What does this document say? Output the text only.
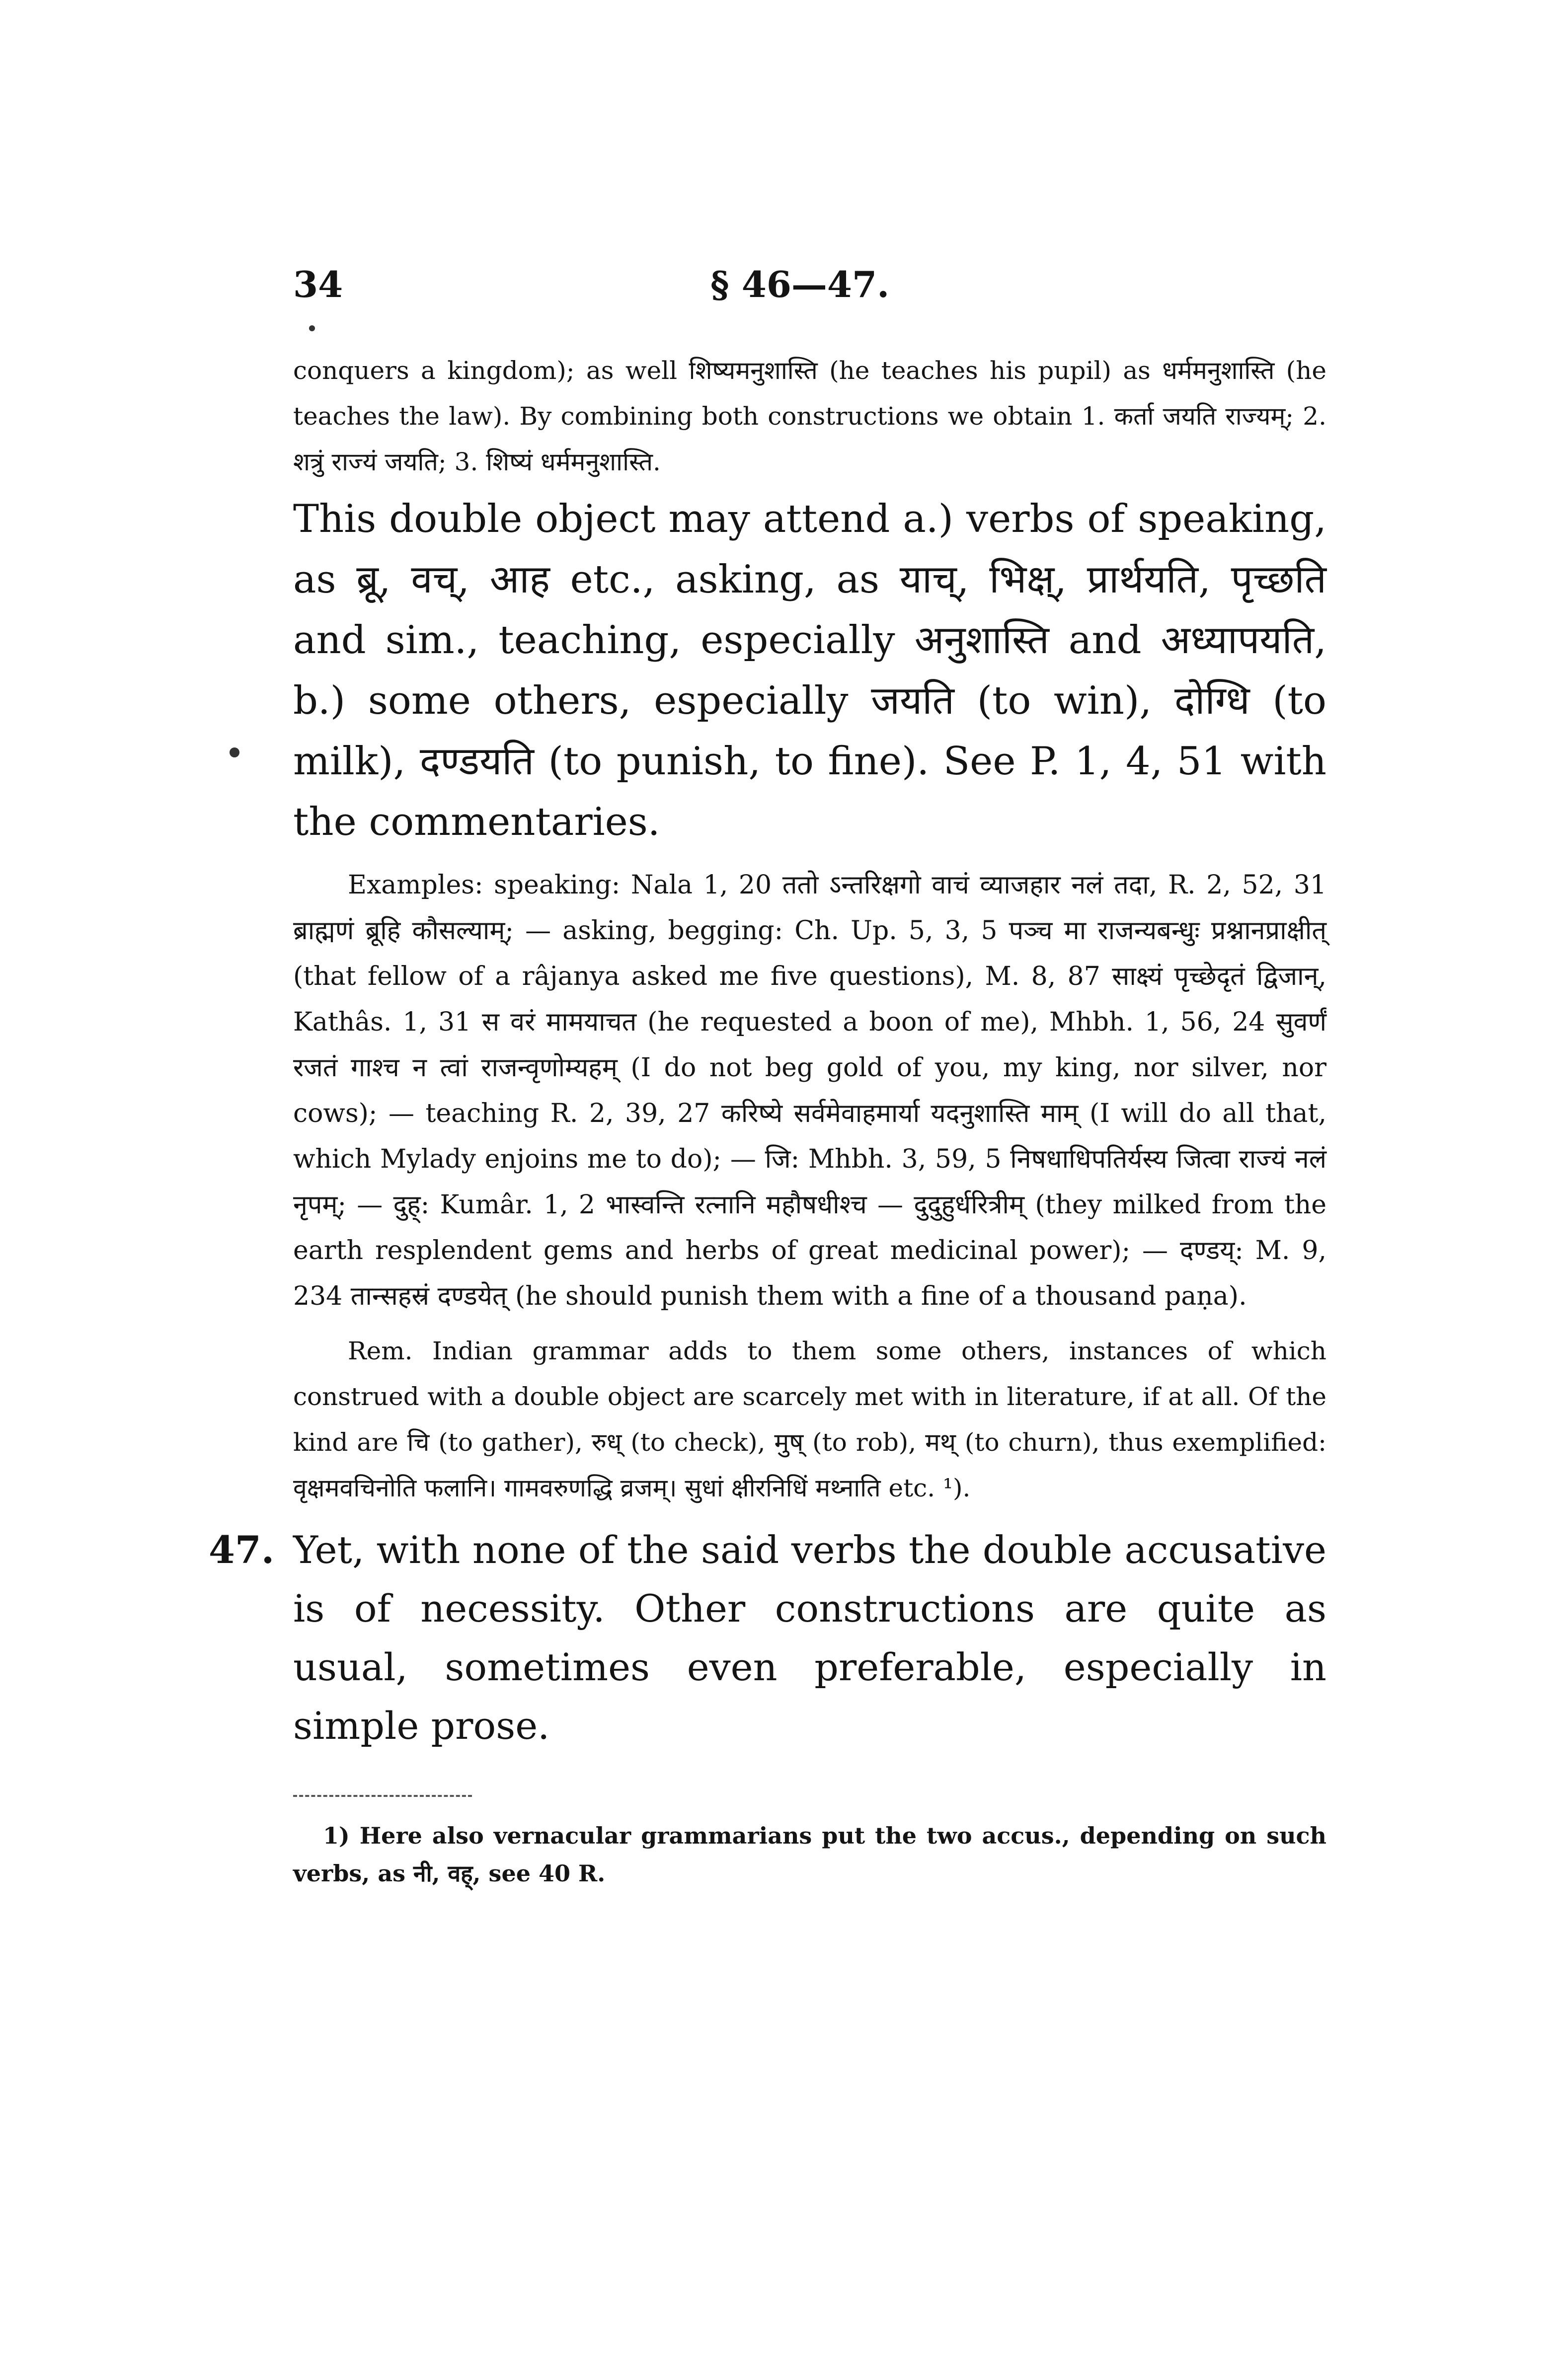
34	§ 46—47.

conquers a kingdom); as well शिष्यमनुशास्ति (he teaches his pupil) as धर्ममनुशास्ति (he teaches the law). By combining both constructions we obtain 1. कर्ता जयति राज्यम्; 2. शत्रुं राज्यं जयति; 3. शिष्यं धर्ममनुशास्ति.

This double object may attend a.) verbs of speaking, as ब्रू, वच्, आह etc., asking, as याच्, भिक्ष्, प्रार्थयति, पृच्छति and sim., teaching, especially अनुशास्ति and अध्यापयति, b.) some others, especially जयति (to win), दोग्धि (to milk), दण्डयति (to punish, to fine). See P. 1, 4, 51 with the commentaries.

Examples: speaking: Nala 1, 20 ततो ऽन्तरिक्षगो वाचं व्याजहार नलं तदा, R. 2, 52, 31 ब्राह्मणं ब्रूहि कौसल्याम्; — asking, begging: Ch. Up. 5, 3, 5 पञ्च मा राजन्यबन्धुः प्रश्नानप्राक्षीत् (that fellow of a râjanya asked me five questions), M. 8, 87 साक्ष्यं पृच्छेदृतं द्विजान्, Kathâs. 1, 31 स वरं मामयाचत (he requested a boon of me), Mhbh. 1, 56, 24 सुवर्णं रजतं गाश्च न त्वां राजन्वृणोम्यहम् (I do not beg gold of you, my king, nor silver, nor cows); — teaching R. 2, 39, 27 करिष्ये सर्वमेवाहमार्या यदनुशास्ति माम् (I will do all that, which Mylady enjoins me to do); — जि: Mhbh. 3, 59, 5 निषधाधिपतिर्यस्य जित्वा राज्यं नलं नृपम्; — दुह्: Kumâr. 1, 2 भास्वन्ति रत्नानि महौषधीश्च — दुदुहुर्धरित्रीम् (they milked from the earth resplendent gems and herbs of great medicinal power); — दण्डय्: M. 9, 234 तान्सहस्रं दण्डयेत् (he should punish them with a fine of a thousand paṇa).

Rem. Indian grammar adds to them some others, instances of which construed with a double object are scarcely met with in literature, if at all. Of the kind are चि (to gather), रुध् (to check), मुष् (to rob), मथ् (to churn), thus exemplified: वृक्षमवचिनोति फलानि। गामवरुणद्धि व्रजम्। सुधां क्षीरनिधिं मथ्नाति etc. ¹).

47. Yet, with none of the said verbs the double accusative is of necessity. Other constructions are quite as usual, sometimes even preferable, especially in simple prose.

1) Here also vernacular grammarians put the two accus., depending on such verbs, as नी, वह्, see 40 R.
